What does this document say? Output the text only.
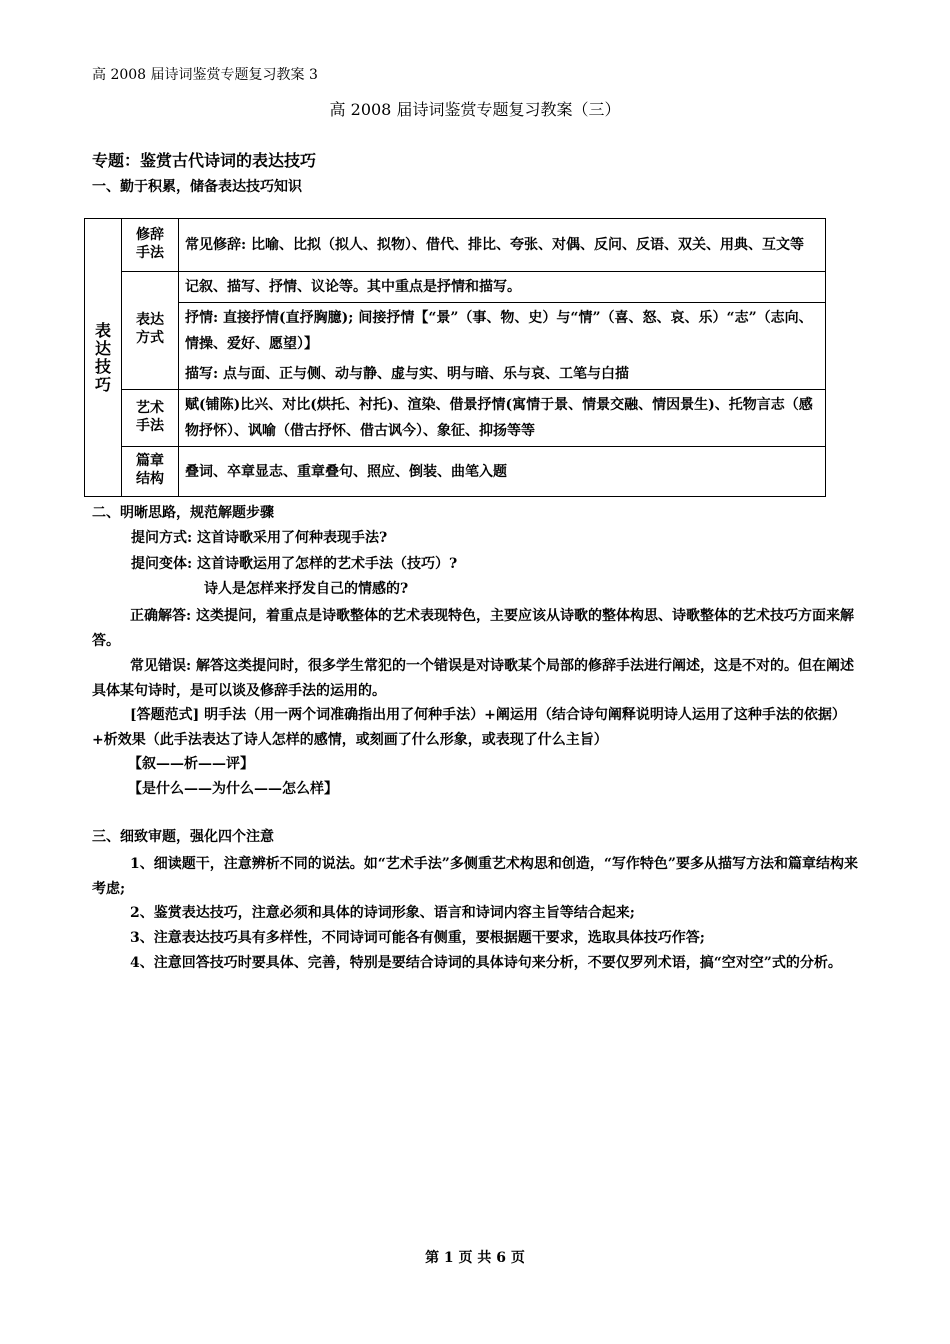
高 2008 届诗词鉴赏专题复习教案 3
高 2008 届诗词鉴赏专题复习教案（三）
专题：鉴赏古代诗词的表达技巧
一、勤于积累，储备表达技巧知识
表达技巧	修辞手法	常见修辞: 比喻、比拟（拟人、拟物）、借代、排比、夸张、对偶、反问、反语、双关、用典、互文等
	表达方式	记叙、描写、抒情、议论等。其中重点是抒情和描写。
		抒情: 直接抒情(直抒胸臆); 间接抒情【“景”（事、物、史）与“情”（喜、怒、哀、乐）“志”（志向、情操、爱好、愿望）】
		描写: 点与面、正与侧、动与静、虚与实、明与暗、乐与哀、工笔与白描
	艺术手法	赋(铺陈)比兴、对比(烘托、衬托)、渲染、借景抒情(寓情于景、情景交融、情因景生)、托物言志（感物抒怀）、讽喻（借古抒怀、借古讽今）、象征、抑扬等等
	篇章结构	叠词、卒章显志、重章叠句、照应、倒装、曲笔入题
二、明晰思路，规范解题步骤
提问方式: 这首诗歌采用了何种表现手法?
提问变体: 这首诗歌运用了怎样的艺术手法（技巧）?
诗人是怎样来抒发自己的情感的?
正确解答: 这类提问，着重点是诗歌整体的艺术表现特色，主要应该从诗歌的整体构思、诗歌整体的艺术技巧方面来解答。
常见错误: 解答这类提问时，很多学生常犯的一个错误是对诗歌某个局部的修辞手法进行阐述，这是不对的。但在阐述具体某句诗时，是可以谈及修辞手法的运用的。
[答题范式] 明手法（用一两个词准确指出用了何种手法）+阐运用（结合诗句阐释说明诗人运用了这种手法的依据）+析效果（此手法表达了诗人怎样的感情，或刻画了什么形象，或表现了什么主旨）
【叙——析——评】
【是什么——为什么——怎么样】
三、细致审题，强化四个注意
1、细读题干，注意辨析不同的说法。如“艺术手法”多侧重艺术构思和创造，“写作特色”要多从描写方法和篇章结构来考虑;
2、鉴赏表达技巧，注意必须和具体的诗词形象、语言和诗词内容主旨等结合起来;
3、注意表达技巧具有多样性，不同诗词可能各有侧重，要根据题干要求，选取具体技巧作答;
4、注意回答技巧时要具体、完善，特别是要结合诗词的具体诗句来分析，不要仅罗列术语，搞“空对空”式的分析。
第 1 页 共 6 页
